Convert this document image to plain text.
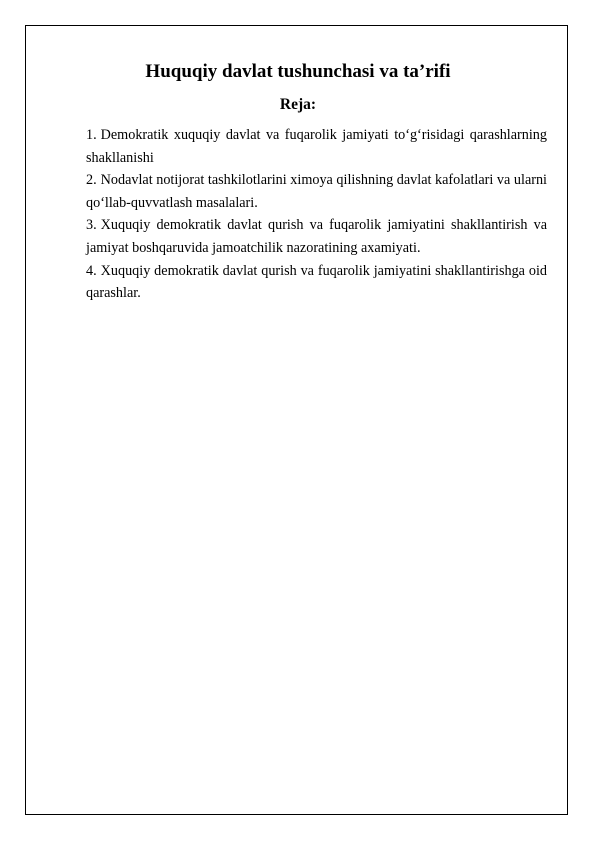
Huquqiy davlat tushunchasi va ta’rifi
Reja:
1. Demokratik xuquqiy davlat va fuqarolik jamiyati to‘g‘risidagi qarashlarning shakllanishi
2. Nodavlat notijorat tashkilotlarini ximoya qilishning davlat kafolatlari va ularni qo‘llab-quvvatlash masalalari.
3. Xuquqiy demokratik davlat qurish va fuqarolik jamiyatini shakllantirish va jamiyat boshqaruvida jamoatchilik nazoratining axamiyati.
4. Xuquqiy demokratik davlat qurish va fuqarolik jamiyatini shakllantirishga oid qarashlar.
